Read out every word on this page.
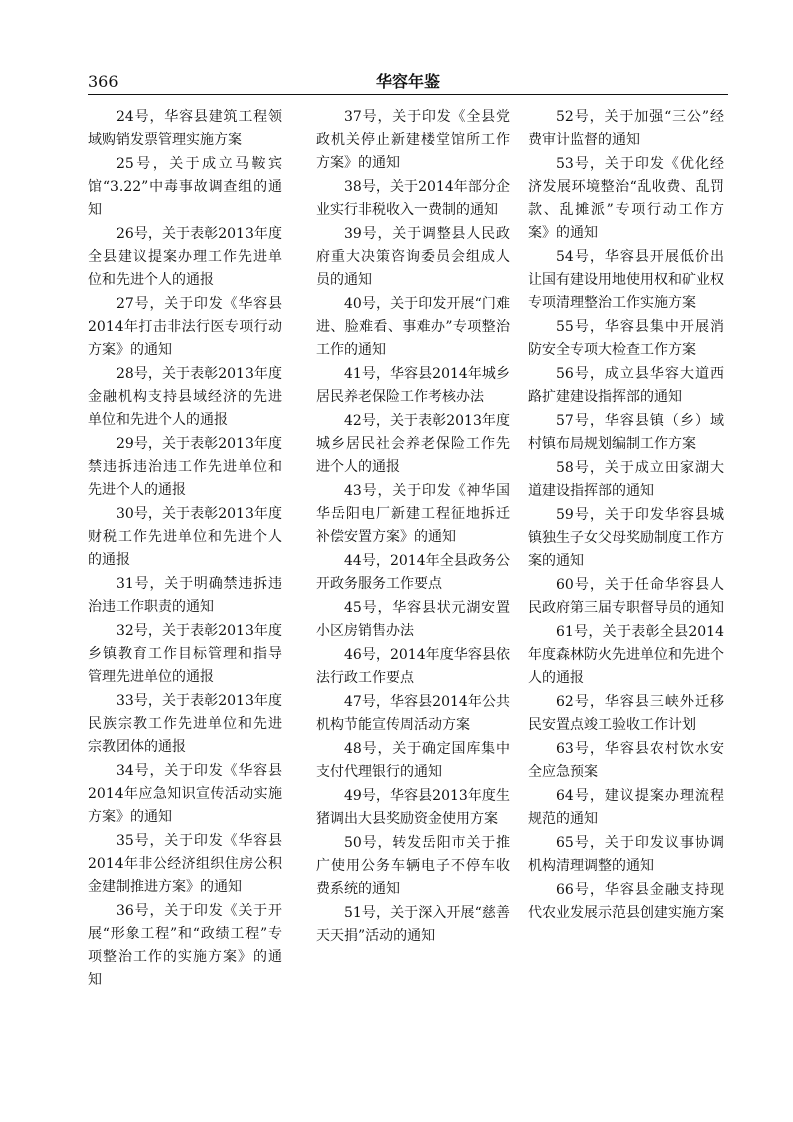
366	华容年鉴

24号，华容县建筑工程领域购销发票管理实施方案

25号，关于成立马鞍宾馆“3.22”中毒事故调查组的通知

26号，关于表彰2013年度全县建议提案办理工作先进单位和先进个人的通报

27号，关于印发《华容县2014年打击非法行医专项行动方案》的通知

28号，关于表彰2013年度金融机构支持县域经济的先进单位和先进个人的通报

29号，关于表彰2013年度禁违拆违治违工作先进单位和先进个人的通报

30号，关于表彰2013年度财税工作先进单位和先进个人的通报

31号，关于明确禁违拆违治违工作职责的通知

32号，关于表彰2013年度乡镇教育工作目标管理和指导管理先进单位的通报

33号，关于表彰2013年度民族宗教工作先进单位和先进宗教团体的通报

34号，关于印发《华容县2014年应急知识宣传活动实施方案》的通知

35号，关于印发《华容县2014年非公经济组织住房公积金建制推进方案》的通知

36号，关于印发《关于开展“形象工程”和“政绩工程”专项整治工作的实施方案》的通知

37号，关于印发《全县党政机关停止新建楼堂馆所工作方案》的通知

38号，关于2014年部分企业实行非税收入一费制的通知

39号，关于调整县人民政府重大决策咨询委员会组成人员的通知

40号，关于印发开展“门难进、脸难看、事难办”专项整治工作的通知

41号，华容县2014年城乡居民养老保险工作考核办法

42号，关于表彰2013年度城乡居民社会养老保险工作先进个人的通报

43号，关于印发《神华国华岳阳电厂新建工程征地拆迁补偿安置方案》的通知

44号，2014年全县政务公开政务服务工作要点

45号，华容县状元湖安置小区房销售办法

46号，2014年度华容县依法行政工作要点

47号，华容县2014年公共机构节能宣传周活动方案

48号，关于确定国库集中支付代理银行的通知

49号，华容县2013年度生猪调出大县奖励资金使用方案

50号，转发岳阳市关于推广使用公务车辆电子不停车收费系统的通知

51号，关于深入开展“慈善天天捐”活动的通知

52号，关于加强“三公”经费审计监督的通知

53号，关于印发《优化经济发展环境整治“乱收费、乱罚款、乱摊派”专项行动工作方案》的通知

54号，华容县开展低价出让国有建设用地使用权和矿业权专项清理整治工作实施方案

55号，华容县集中开展消防安全专项大检查工作方案

56号，成立县华容大道西路扩建建设指挥部的通知

57号，华容县镇（乡）域村镇布局规划编制工作方案

58号，关于成立田家湖大道建设指挥部的通知

59号，关于印发华容县城镇独生子女父母奖励制度工作方案的通知

60号，关于任命华容县人民政府第三届专职督导员的通知

61号，关于表彰全县2014年度森林防火先进单位和先进个人的通报

62号，华容县三峡外迁移民安置点竣工验收工作计划

63号，华容县农村饮水安全应急预案

64号，建议提案办理流程规范的通知

65号，关于印发议事协调机构清理调整的通知

66号，华容县金融支持现代农业发展示范县创建实施方案
